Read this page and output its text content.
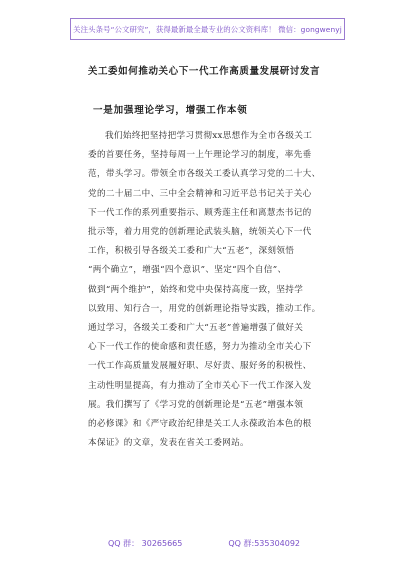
关注头条号“公文研究”，获得最新最全最专业的公文资料库！ 微信：gongwenyj
关工委如何推动关心下一代工作高质量发展研讨发言
一是加强理论学习，增强工作本领
我们始终把坚持把学习贯彻xx思想作为全市各级关工
委的首要任务，坚持每周一上午理论学习的制度，率先垂
范，带头学习。带领全市各级关工委认真学习党的二十大、
党的二十届二中、三中全会精神和习近平总书记关于关心
下一代工作的系列重要指示、顾秀莲主任和离慧杰书记的
批示等，着力用党的创新理论武装头脑，统领关心下一代
工作，积极引导各级关工委和广大“五老”，深刻领悟
“两个确立”，增强“四个意识”、坚定“四个自信”、
做到“两个维护”，始终和党中央保持高度一致，坚持学
以致用、知行合一，用党的创新理论指导实践，推动工作。
通过学习，各级关工委和广大“五老”普遍增强了做好关
心下一代工作的使命感和责任感，努力为推动全市关心下
一代工作高质量发展履好职、尽好责、服好务的积极性、
主动性明显提高，有力推动了全市关心下一代工作深入发
展。我们撰写了《学习党的创新理论是“五老”增强本领
的必修课》和《严守政治纪律是关工人永葆政治本色的根
本保证》的文章，发表在省关工委网站。
QQ 群： 30265665	QQ 群:535304092
